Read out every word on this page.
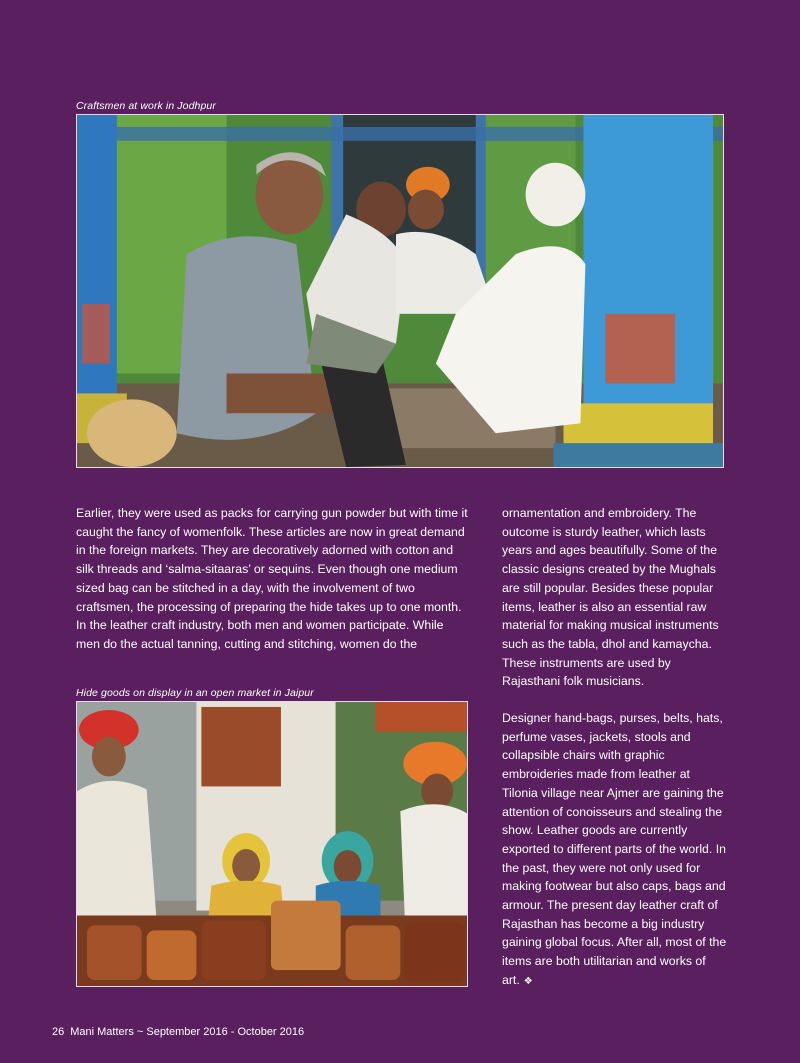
Craftsmen at work in Jodhpur

Earlier, they were used as packs for carrying gun powder but with time it caught the fancy of womenfolk. These articles are now in great demand in the foreign markets. They are decoratively adorned with cotton and silk threads and ‘salma-sitaaras’ or sequins. Even though one medium sized bag can be stitched in a day, with the involvement of two craftsmen, the processing of preparing the hide takes up to one month. In the leather craft industry, both men and women participate. While men do the actual tanning, cutting and stitching, women do the

ornamentation and embroidery. The outcome is sturdy leather, which lasts years and ages beautifully. Some of the classic designs created by the Mughals are still popular. Besides these popular items, leather is also an essential raw material for making musical instruments such as the tabla, dhol and kamaycha. These instruments are used by Rajasthani folk musicians.

Designer hand-bags, purses, belts, hats, perfume vases, jackets, stools and collapsible chairs with graphic embroideries made from leather at Tilonia village near Ajmer are gaining the attention of conoisseurs and stealing the show. Leather goods are currently exported to different parts of the world. In the past, they were not only used for making footwear but also caps, bags and armour. The present day leather craft of Rajasthan has become a big industry gaining global focus. After all, most of the items are both utilitarian and works of art. ❖

Hide goods on display in an open market in Jaipur
26 Mani Matters ~ September 2016 - October 2016
